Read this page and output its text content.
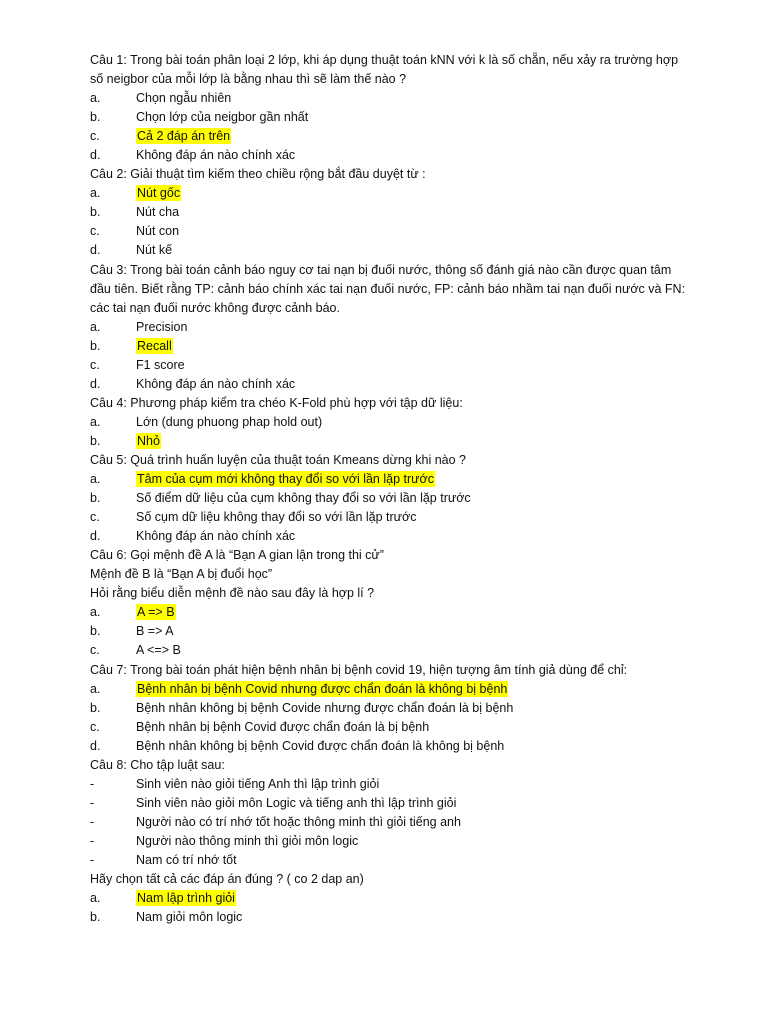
Câu 1: Trong bài toán phân loại 2 lớp, khi áp dụng thuật toán kNN với k là số chẵn, nếu xảy ra trường hợp số neigbor của mỗi lớp là bằng nhau thì sẽ làm thế nào ?
a.	Chọn ngẫu nhiên
b.	Chọn lớp của neigbor gần nhất
c.	Cả 2 đáp án trên
d.	Không đáp án nào chính xác
Câu 2: Giải thuật tìm kiếm theo chiều rộng bắt đầu duyệt từ :
a.	Nút gốc
b.	Nút cha
c.	Nút con
d.	Nút kế
Câu 3: Trong bài toán cảnh báo nguy cơ tai nạn bị đuối nước, thông số đánh giá nào cần được quan tâm đầu tiên. Biết rằng TP: cảnh báo chính xác tai nạn đuối nước, FP: cảnh báo nhầm tai nạn đuối nước và FN: các tai nạn đuối nước không được cảnh báo.
a.	Precision
b.	Recall
c.	F1 score
d.	Không đáp án nào chính xác
Câu 4: Phương pháp kiểm tra chéo K-Fold phù hợp với tập dữ liệu:
a.	Lớn (dung phuong phap hold out)
b.	Nhỏ
Câu 5: Quá trình huấn luyện của thuật toán Kmeans dừng khi nào ?
a.	Tâm của cụm mới không thay đổi so với lần lặp trước
b.	Số điểm dữ liệu của cụm không thay đổi so với lần lặp trước
c.	Số cụm dữ liệu không thay đổi so với lần lặp trước
d.	Không đáp án nào chính xác
Câu 6: Gọi mệnh đề A là “Bạn A gian lận trong thi cử”
Mệnh đề B là “Bạn A bị đuổi học”
Hỏi rằng biểu diễn mệnh đề nào sau đây là hợp lí ?
a.	A => B
b.	B => A
c.	A <=> B
Câu 7: Trong bài toán phát hiện bệnh nhân bị bệnh covid 19, hiện tượng âm tính giả dùng để chỉ:
a.	Bệnh nhân bị bệnh Covid nhưng được chẩn đoán là không bị bệnh
b.	Bệnh nhân không bị bệnh Covide nhưng được chẩn đoán là bị bệnh
c.	Bệnh nhân bị bệnh Covid được chẩn đoán là bị bệnh
d.	Bệnh nhân không bị bệnh Covid được chẩn đoán là không bị bệnh
Câu 8: Cho tập luật sau:
-	Sinh viên nào giỏi tiếng Anh thì lập trình giỏi
-	Sinh viên nào giỏi môn Logic và tiếng anh thì lập trình giỏi
-	Người nào có trí nhớ tốt hoặc thông minh thì giỏi tiếng anh
-	Người nào thông minh thì giỏi môn logic
-	Nam có trí nhớ tốt
Hãy chọn tất cả các đáp án đúng ? ( co 2 dap an)
a.	Nam lập trình giỏi
b.	Nam giỏi môn logic
